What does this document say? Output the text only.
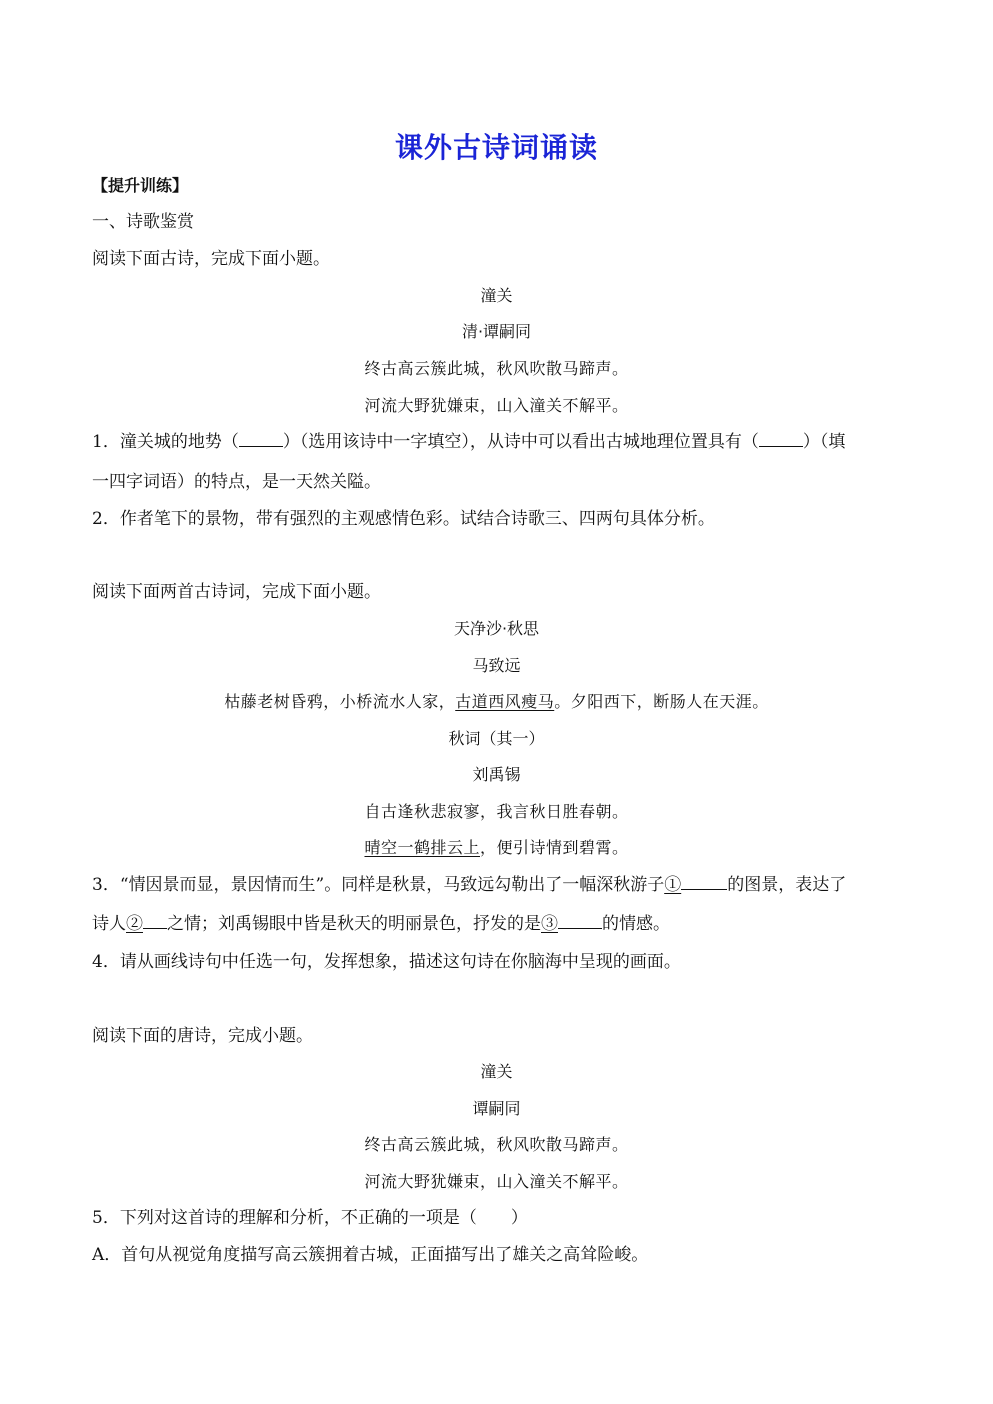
课外古诗词诵读
【提升训练】
一、诗歌鉴赏
阅读下面古诗，完成下面小题。
潼关
清·谭嗣同
终古高云簇此城，秋风吹散马蹄声。
河流大野犹嫌束，山入潼关不解平。
1．潼关城的地势（	）（选用该诗中一字填空），从诗中可以看出古城地理位置具有（	）（填
一四字词语）的特点，是一天然关隘。
2．作者笔下的景物，带有强烈的主观感情色彩。试结合诗歌三、四两句具体分析。
阅读下面两首古诗词，完成下面小题。
天净沙·秋思
马致远
枯藤老树昏鸦，小桥流水人家，古道西风瘦马。夕阳西下，断肠人在天涯。
秋词（其一）
刘禹锡
自古逢秋悲寂寥，我言秋日胜春朝。
晴空一鹤排云上，便引诗情到碧霄。
3．“情因景而显，景因情而生”。同样是秋景，马致远勾勒出了一幅深秋游子①	的图景，表达了
诗人② 之情；刘禹锡眼中皆是秋天的明丽景色，抒发的是③	的情感。
4．请从画线诗句中任选一句，发挥想象，描述这句诗在你脑海中呈现的画面。
阅读下面的唐诗，完成小题。
潼关
谭嗣同
终古高云簇此城，秋风吹散马蹄声。
河流大野犹嫌束，山入潼关不解平。
5．下列对这首诗的理解和分析，不正确的一项是（　　）
A．首句从视觉角度描写高云簇拥着古城，正面描写出了雄关之高耸险峻。
